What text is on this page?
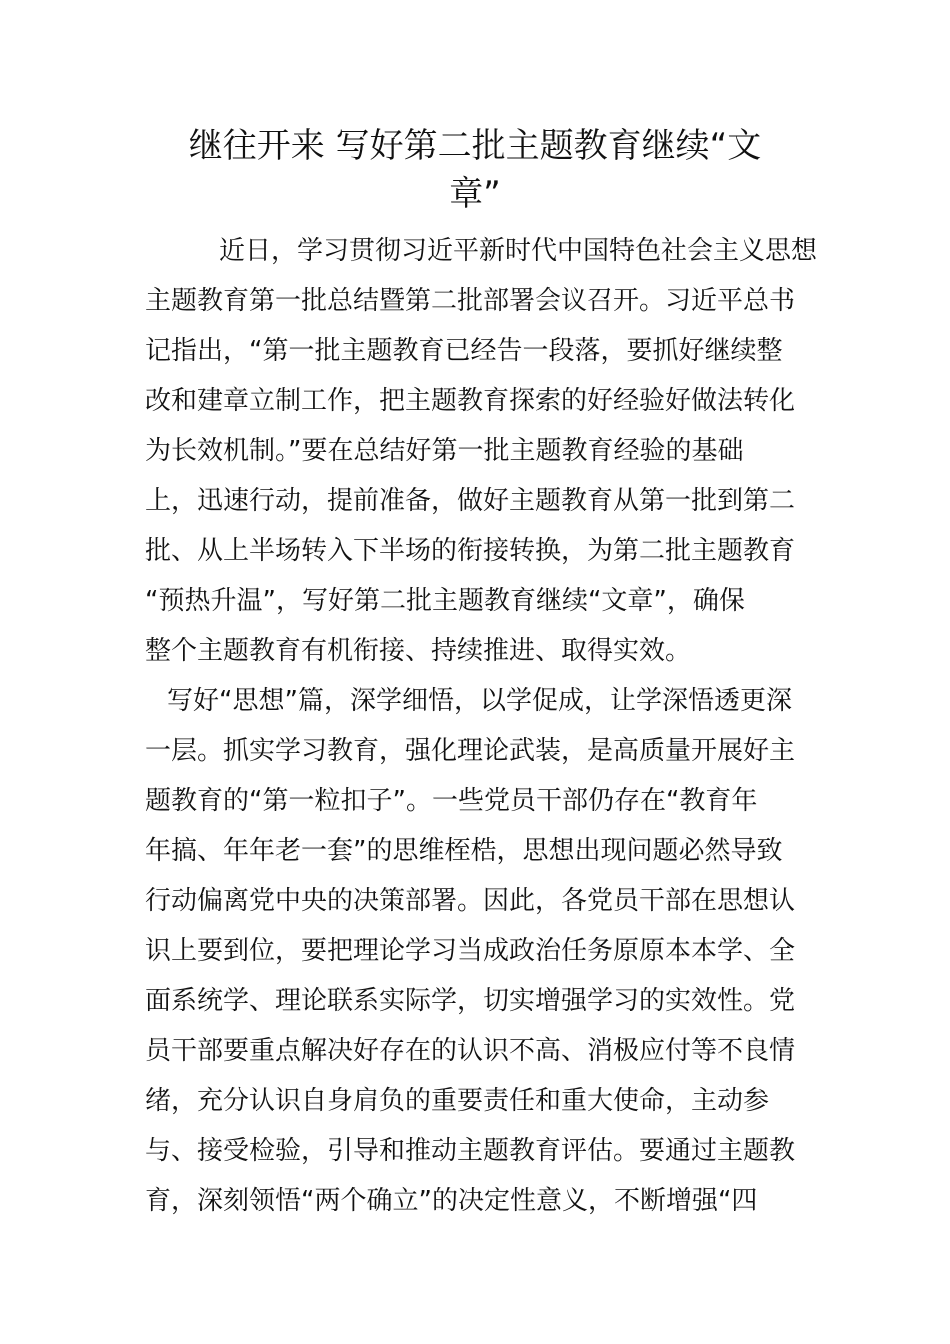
继往开来 写好第二批主题教育继续“文
章”
近日，学习贯彻习近平新时代中国特色社会主义思想
主题教育第一批总结暨第二批部署会议召开。习近平总书
记指出，“第一批主题教育已经告一段落，要抓好继续整
改和建章立制工作，把主题教育探索的好经验好做法转化
为长效机制。”要在总结好第一批主题教育经验的基础
上，迅速行动，提前准备，做好主题教育从第一批到第二
批、从上半场转入下半场的衔接转换，为第二批主题教育
“预热升温”，写好第二批主题教育继续“文章”，确保
整个主题教育有机衔接、持续推进、取得实效。
写好“思想”篇，深学细悟，以学促成，让学深悟透更深
一层。抓实学习教育，强化理论武装，是高质量开展好主
题教育的“第一粒扣子”。一些党员干部仍存在“教育年
年搞、年年老一套”的思维桎梏，思想出现问题必然导致
行动偏离党中央的决策部署。因此，各党员干部在思想认
识上要到位，要把理论学习当成政治任务原原本本学、全
面系统学、理论联系实际学，切实增强学习的实效性。党
员干部要重点解决好存在的认识不高、消极应付等不良情
绪，充分认识自身肩负的重要责任和重大使命，主动参
与、接受检验，引导和推动主题教育评估。要通过主题教
育，深刻领悟“两个确立”的决定性意义，不断增强“四
